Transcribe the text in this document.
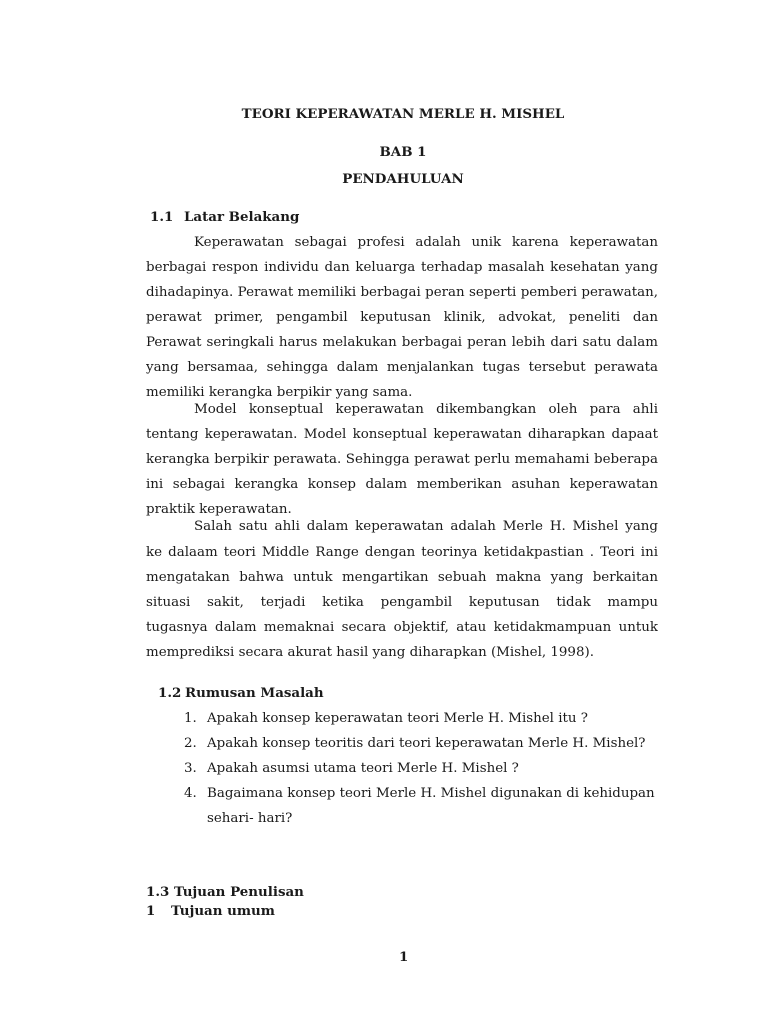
TEORI KEPERAWATAN MERLE H. MISHEL
BAB 1
PENDAHULUAN
1.1 Latar Belakang
Keperawatan sebagai profesi adalah unik karena keperawatan
berbagai respon individu dan keluarga terhadap masalah kesehatan yang
dihadapinya. Perawat memiliki berbagai peran seperti pemberi perawatan,
perawat primer, pengambil keputusan klinik, advokat, peneliti dan
Perawat seringkali harus melakukan berbagai peran lebih dari satu dalam
yang bersamaa, sehingga dalam menjalankan tugas tersebut perawata
memiliki kerangka berpikir yang sama.
Model konseptual keperawatan dikembangkan oleh para ahli
tentang keperawatan. Model konseptual keperawatan diharapkan dapaat
kerangka berpikir perawata. Sehingga perawat perlu memahami beberapa
ini sebagai kerangka konsep dalam memberikan asuhan keperawatan
praktik keperawatan.
Salah satu ahli dalam keperawatan adalah Merle H. Mishel yang
ke dalaam teori Middle Range dengan teorinya ketidakpastian . Teori ini
mengatakan bahwa untuk mengartikan sebuah makna yang berkaitan
situasi sakit, terjadi ketika pengambil keputusan tidak mampu
tugasnya dalam memaknai secara objektif, atau ketidakmampuan untuk
memprediksi secara akurat hasil yang diharapkan (Mishel, 1998).
1.2 Rumusan Masalah
1. Apakah konsep keperawatan teori Merle H. Mishel itu ?
2. Apakah konsep teoritis dari teori keperawatan Merle H. Mishel?
3. Apakah asumsi utama teori Merle H. Mishel ?
4. Bagaimana konsep teori Merle H. Mishel digunakan di kehidupan
sehari- hari?
1.3 Tujuan Penulisan
1 Tujuan umum
1
